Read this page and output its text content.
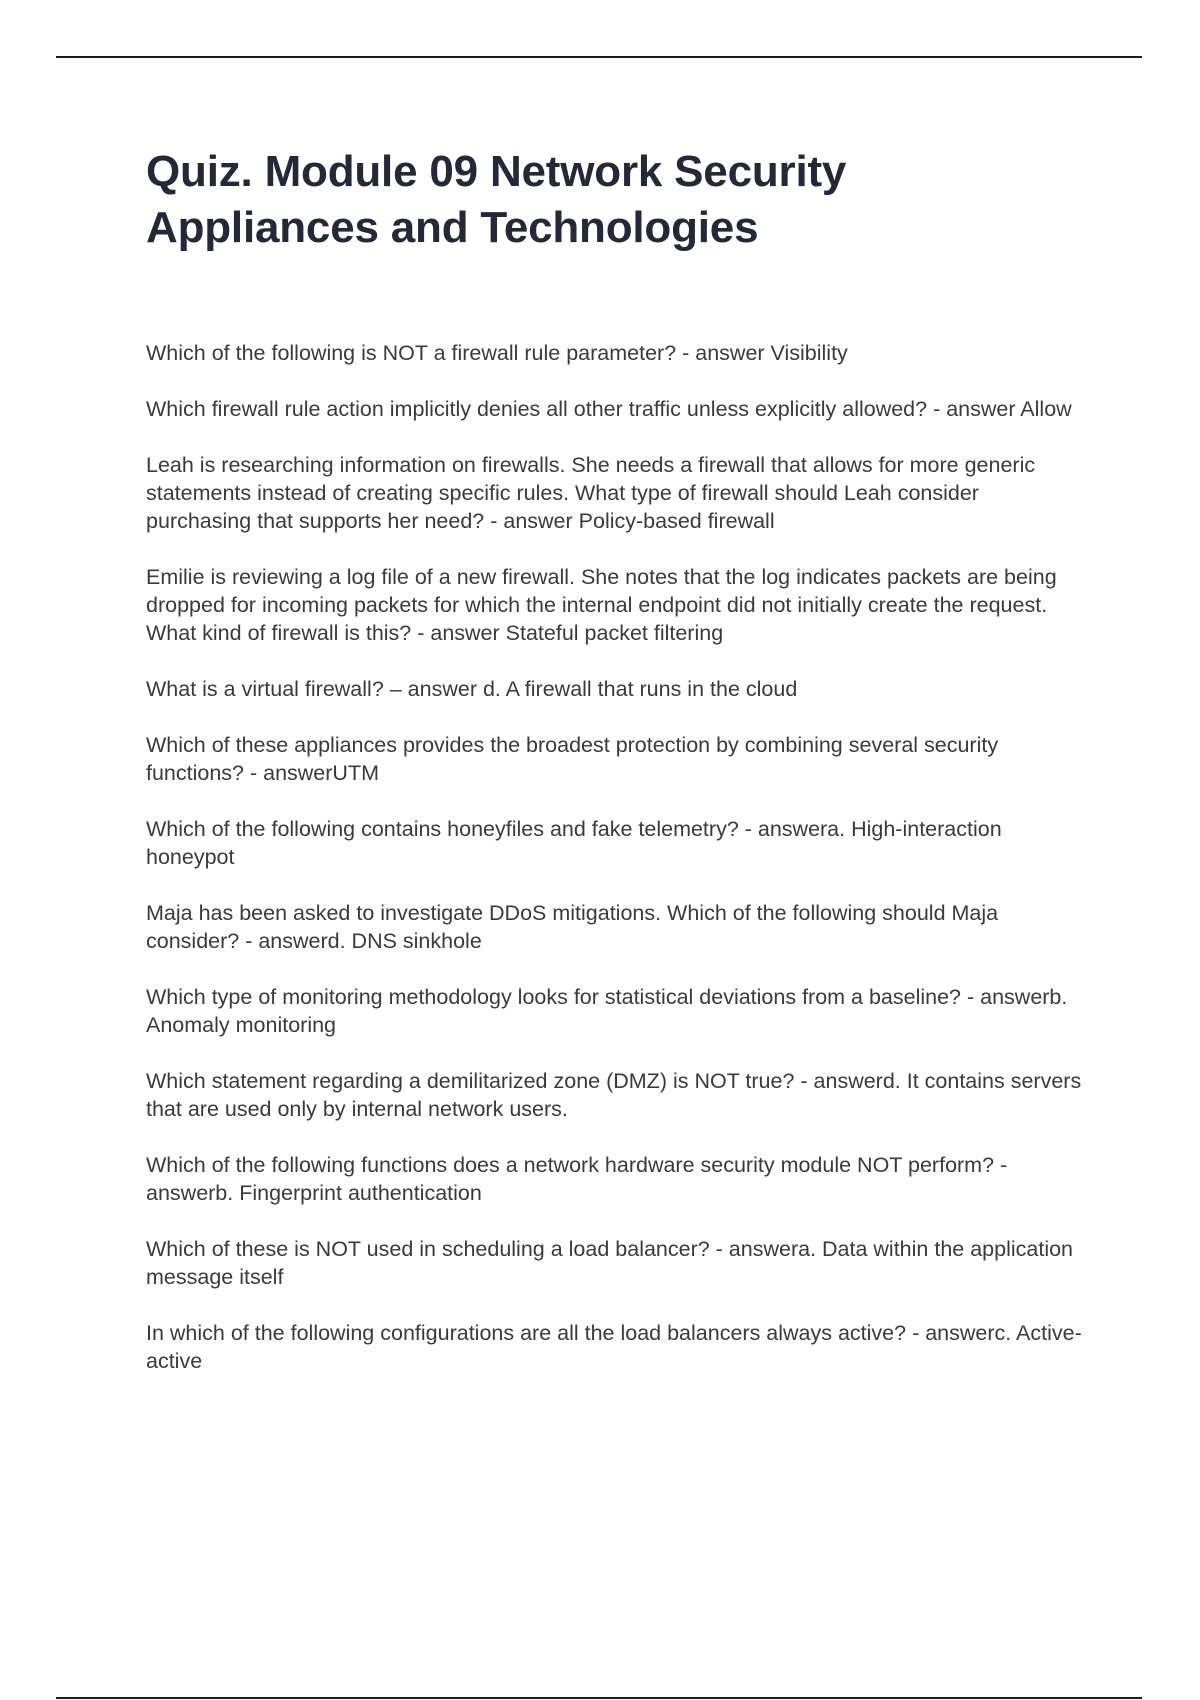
Quiz. Module 09 Network Security Appliances and Technologies
Which of the following is NOT a firewall rule parameter? - answer Visibility
Which firewall rule action implicitly denies all other traffic unless explicitly allowed? - answer Allow
Leah is researching information on firewalls. She needs a firewall that allows for more generic statements instead of creating specific rules. What type of firewall should Leah consider purchasing that supports her need? - answer Policy-based firewall
Emilie is reviewing a log file of a new firewall. She notes that the log indicates packets are being dropped for incoming packets for which the internal endpoint did not initially create the request. What kind of firewall is this? - answer Stateful packet filtering
What is a virtual firewall? – answer d. A firewall that runs in the cloud
Which of these appliances provides the broadest protection by combining several security functions? - answerUTM
Which of the following contains honeyfiles and fake telemetry? - answera. High-interaction honeypot
Maja has been asked to investigate DDoS mitigations. Which of the following should Maja consider? - answerd. DNS sinkhole
Which type of monitoring methodology looks for statistical deviations from a baseline? - answerb. Anomaly monitoring
Which statement regarding a demilitarized zone (DMZ) is NOT true? - answerd. It contains servers that are used only by internal network users.
Which of the following functions does a network hardware security module NOT perform? - answerb. Fingerprint authentication
Which of these is NOT used in scheduling a load balancer? - answera. Data within the application message itself
In which of the following configurations are all the load balancers always active? - answerc. Active-active
